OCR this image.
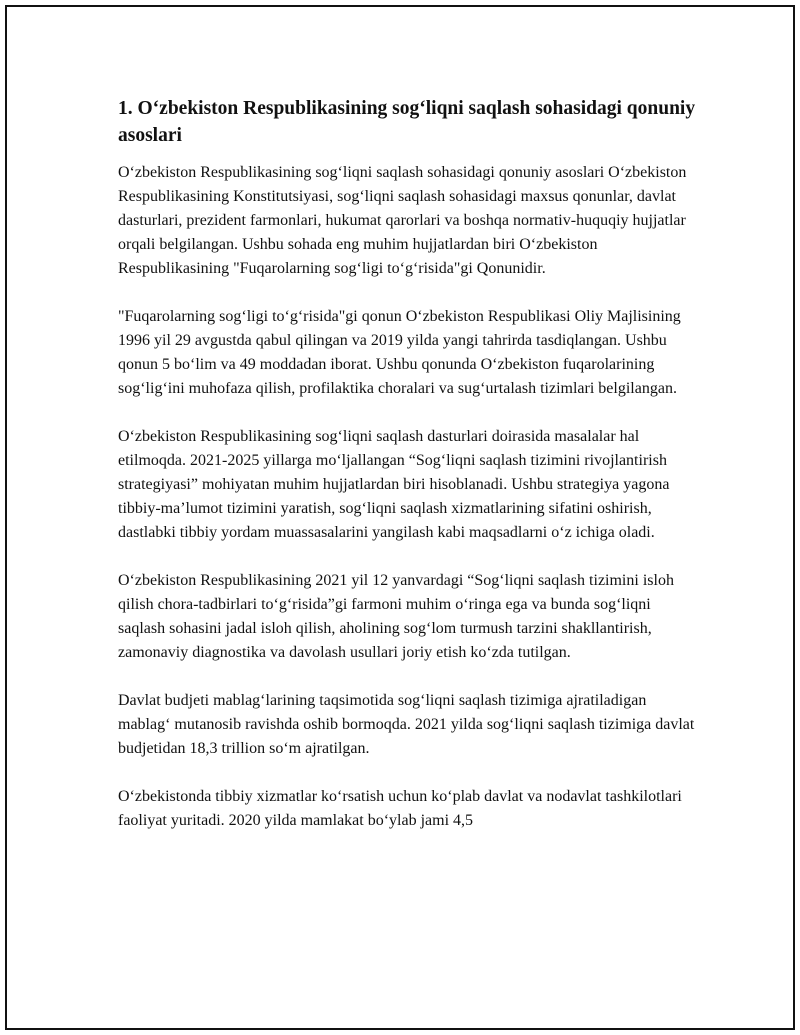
1. O‘zbekiston Respublikasining sog‘liqni saqlash sohasidagi qonuniy asoslari

O‘zbekiston Respublikasining sog‘liqni saqlash sohasidagi qonuniy asoslari O‘zbekiston Respublikasining Konstitutsiyasi, sog‘liqni saqlash sohasidagi maxsus qonunlar, davlat dasturlari, prezident farmonlari, hukumat qarorlari va boshqa normativ-huquqiy hujjatlar orqali belgilangan. Ushbu sohada eng muhim hujjatlardan biri O‘zbekiston Respublikasining "Fuqarolarning sog‘ligi to‘g‘risida"gi Qonunidir.

"Fuqarolarning sog‘ligi to‘g‘risida"gi qonun O‘zbekiston Respublikasi Oliy Majlisining 1996 yil 29 avgustda qabul qilingan va 2019 yilda yangi tahrirda tasdiqlangan. Ushbu qonun 5 bo‘lim va 49 moddadan iborat. Ushbu qonunda O‘zbekiston fuqarolarining sog‘lig‘ini muhofaza qilish, profilaktika choralari va sug‘urtalash tizimlari belgilangan.

O‘zbekiston Respublikasining sog‘liqni saqlash dasturlari doirasida masalalar hal etilmoqda. 2021-2025 yillarga mo‘ljallangan “Sog‘liqni saqlash tizimini rivojlantirish strategiyasi” mohiyatan muhim hujjatlardan biri hisoblanadi. Ushbu strategiya yagona tibbiy-ma’lumot tizimini yaratish, sog‘liqni saqlash xizmatlarining sifatini oshirish, dastlabki tibbiy yordam muassasalarini yangilash kabi maqsadlarni o‘z ichiga oladi.

O‘zbekiston Respublikasining 2021 yil 12 yanvardagi “Sog‘liqni saqlash tizimini isloh qilish chora-tadbirlari to‘g‘risida”gi farmoni muhim o‘ringa ega va bunda sog‘liqni saqlash sohasini jadal isloh qilish, aholining sog‘lom turmush tarzini shakllantirish, zamonaviy diagnostika va davolash usullari joriy etish ko‘zda tutilgan.

Davlat budjeti mablag‘larining taqsimotida sog‘liqni saqlash tizimiga ajratiladigan mablag‘ mutanosib ravishda oshib bormoqda. 2021 yilda sog‘liqni saqlash tizimiga davlat budjetidan 18,3 trillion so‘m ajratilgan.

O‘zbekistonda tibbiy xizmatlar ko‘rsatish uchun ko‘plab davlat va nodavlat tashkilotlari faoliyat yuritadi. 2020 yilda mamlakat bo‘ylab jami 4,5
